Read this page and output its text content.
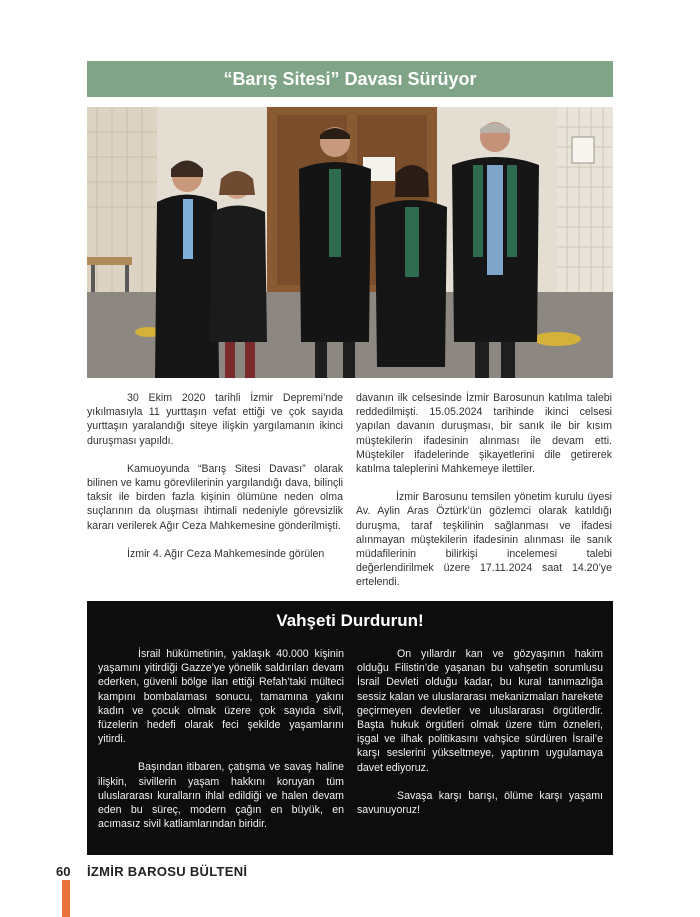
“Barış Sitesi” Davası Sürüyor

30 Ekim 2020 tarihli İzmir Depremi’nde yıkılmasıyla 11 yurttaşın vefat ettiği ve çok sayıda yurttaşın yaralandığı siteye ilişkin yargılamanın ikinci duruşması yapıldı.

Kamuoyunda “Barış Sitesi Davası” olarak bilinen ve kamu görevlilerinin yargılandığı dava, bilinçli taksir ile birden fazla kişinin ölümüne neden olma suçlarının da oluşması ihtimali nedeniyle görevsizlik kararı verilerek Ağır Ceza Mahkemesine gönderilmişti.

İzmir 4. Ağır Ceza Mahkemesinde görülen

davanın ilk celsesinde İzmir Barosunun katılma talebi reddedilmişti. 15.05.2024 tarihinde ikinci celsesi yapılan davanın duruşması, bir sanık ile bir kısım müştekilerin ifadesinin alınması ile devam etti. Müştekiler ifadelerinde şikayetlerini dile getirerek katılma taleplerini Mahkemeye ilettiler.

İzmir Barosunu temsilen yönetim kurulu üyesi Av. Aylin Aras Öztürk’ün gözlemci olarak katıldığı duruşma, taraf teşkilinin sağlanması ve ifadesi alınmayan müştekilerin ifadesinin alınması ile sanık müdafilerinin bilirkişi incelemesi talebi değerlendirilmek üzere 17.11.2024 saat 14.20’ye ertelendi.

Vahşeti Durdurun!

İsrail hükümetinin, yaklaşık 40.000 kişinin yaşamını yitirdiği Gazze’ye yönelik saldırıları devam ederken, güvenli bölge ilan ettiği Refah’taki mülteci kampını bombalaması sonucu, tamamına yakını kadın ve çocuk olmak üzere çok sayıda sivil, füzelerin hedefi olarak feci şekilde yaşamlarını yitirdi.

Başından itibaren, çatışma ve savaş haline ilişkin, sivillerin yaşam hakkını koruyan tüm uluslararası kuralların ihlal edildiği ve halen devam eden bu süreç, modern çağın en büyük, en acımasız sivil katliamlarından biridir.

On yıllardır kan ve gözyaşının hakim olduğu Filistin’de yaşanan bu vahşetin sorumlusu İsrail Devleti olduğu kadar, bu kural tanımazlığa sessiz kalan ve uluslararası mekanizmaları harekete geçirmeyen devletler ve uluslararası örgütlerdir. Başta hukuk örgütleri olmak üzere tüm özneleri, işgal ve ilhak politikasını vahşice sürdüren İsrail’e karşı seslerini yükseltmeye, yaptırım uygulamaya davet ediyoruz.

Savaşa karşı barışı, ölüme karşı yaşamı savunuyoruz!

60 İZMİR BAROSU BÜLTENİ
